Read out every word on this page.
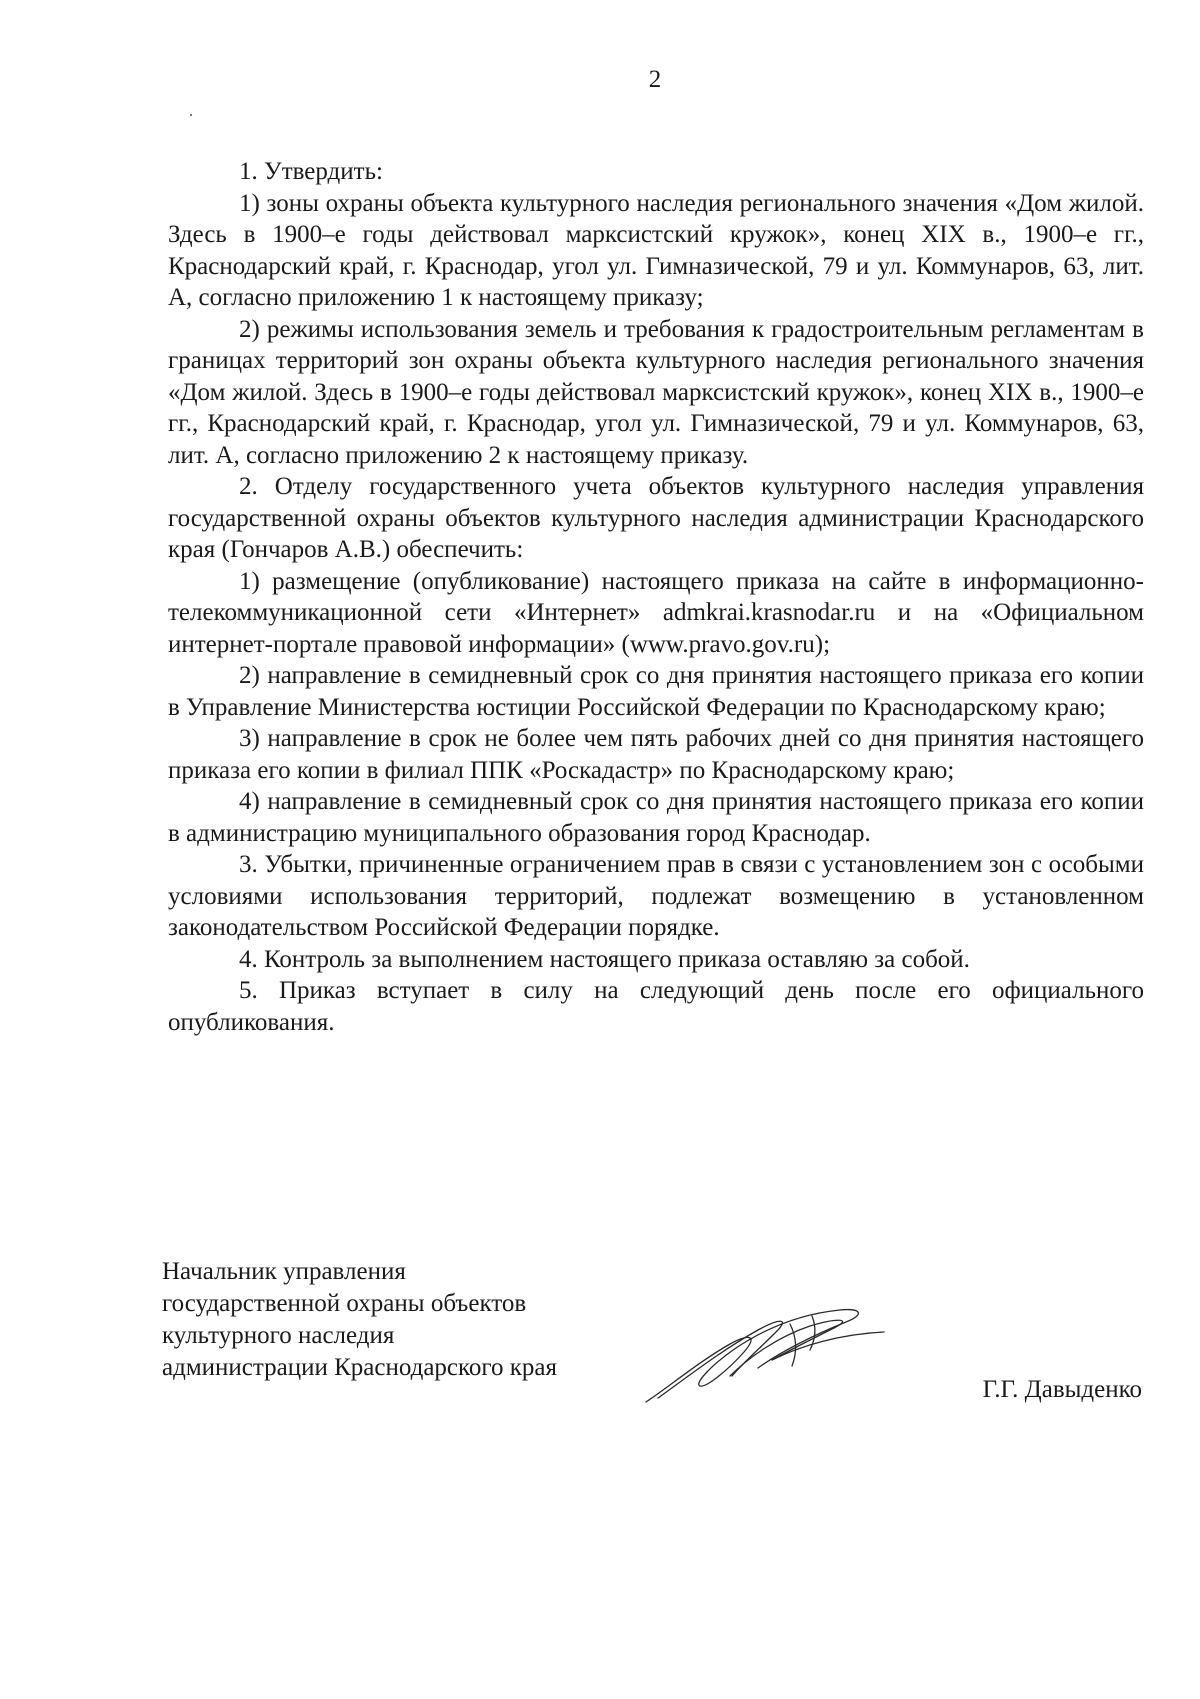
2

1. Утвердить:

1) зоны охраны объекта культурного наследия регионального значения «Дом жилой. Здесь в 1900–е годы действовал марксистский кружок», конец XIX в., 1900–е гг., Краснодарский край, г. Краснодар, угол ул. Гимназической, 79 и ул. Коммунаров, 63, лит. А, согласно приложению 1 к настоящему приказу;

2) режимы использования земель и требования к градостроительным регламентам в границах территорий зон охраны объекта культурного наследия регионального значения «Дом жилой. Здесь в 1900–е годы действовал марксистский кружок», конец XIX в., 1900–е гг., Краснодарский край, г. Краснодар, угол ул. Гимназической, 79 и ул. Коммунаров, 63, лит. А, согласно приложению 2 к настоящему приказу.

2. Отделу государственного учета объектов культурного наследия управления государственной охраны объектов культурного наследия администрации Краснодарского края (Гончаров А.В.) обеспечить:

1) размещение (опубликование) настоящего приказа на сайте в информационно-телекоммуникационной сети «Интернет» admkrai.krasnodar.ru и на «Официальном интернет-портале правовой информации» (www.pravo.gov.ru);

2) направление в семидневный срок со дня принятия настоящего приказа его копии в Управление Министерства юстиции Российской Федерации по Краснодарскому краю;

3) направление в срок не более чем пять рабочих дней со дня принятия настоящего приказа его копии в филиал ППК «Роскадастр» по Краснодарскому краю;

4) направление в семидневный срок со дня принятия настоящего приказа его копии в администрацию муниципального образования город Краснодар.

3. Убытки, причиненные ограничением прав в связи с установлением зон с особыми условиями использования территорий, подлежат возмещению в установленном законодательством Российской Федерации порядке.

4. Контроль за выполнением настоящего приказа оставляю за собой.

5. Приказ вступает в силу на следующий день после его официального опубликования.

Начальник управления
государственной охраны объектов
культурного наследия
администрации Краснодарского края

Г.Г. Давыденко
